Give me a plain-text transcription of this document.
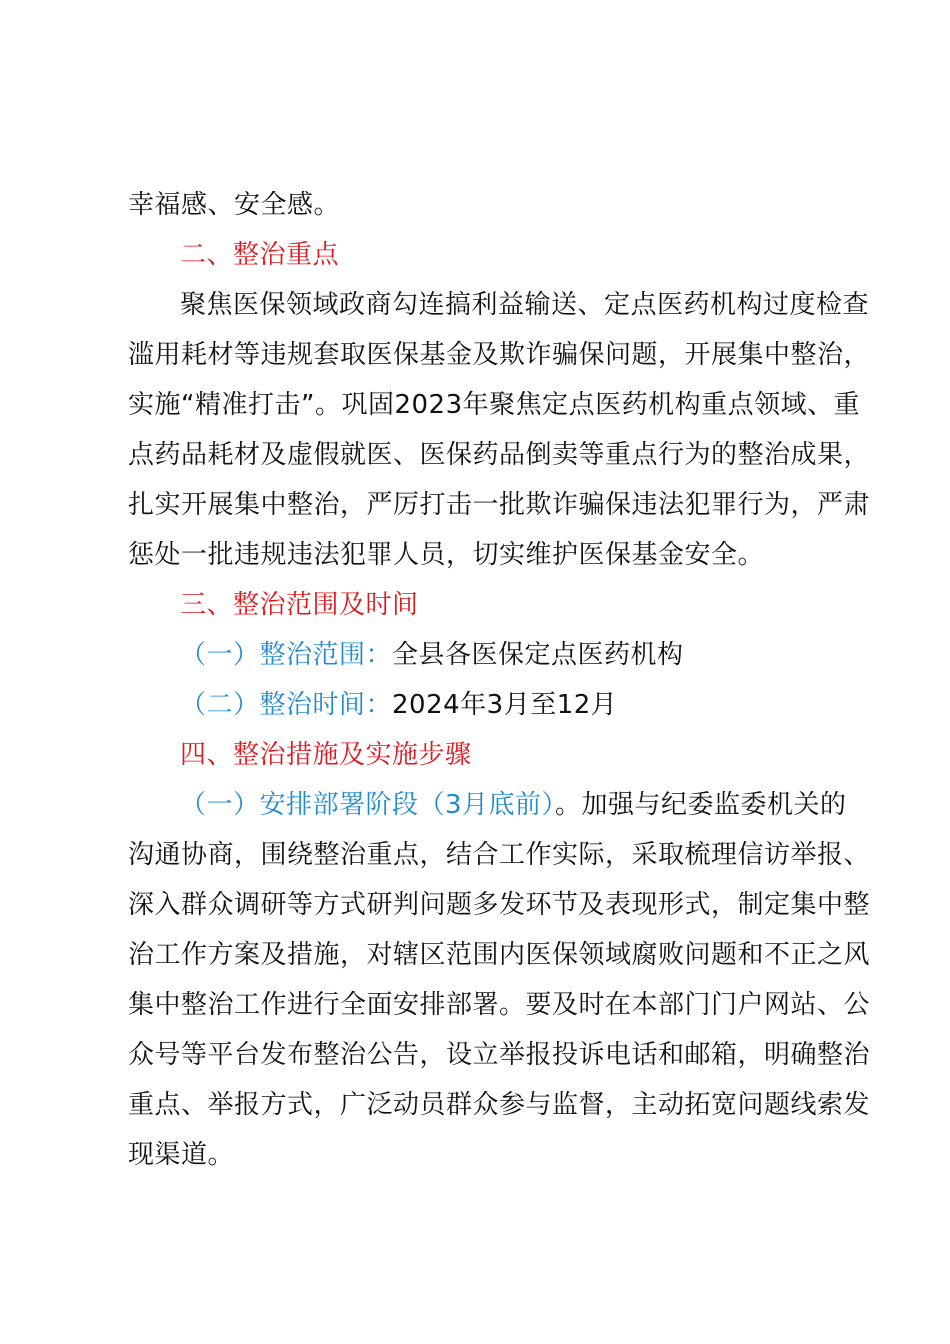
幸福感、安全感。
二、整治重点
聚焦医保领域政商勾连搞利益输送、定点医药机构过度检查
滥用耗材等违规套取医保基金及欺诈骗保问题，开展集中整治，
实施“精准打击”。巩固2023年聚焦定点医药机构重点领域、重
点药品耗材及虚假就医、医保药品倒卖等重点行为的整治成果，
扎实开展集中整治，严厉打击一批欺诈骗保违法犯罪行为，严肃
惩处一批违规违法犯罪人员，切实维护医保基金安全。
三、整治范围及时间
（一）整治范围：全县各医保定点医药机构
（二）整治时间：2024年3月至12月
四、整治措施及实施步骤
（一）安排部署阶段（3月底前）。加强与纪委监委机关的
沟通协商，围绕整治重点，结合工作实际，采取梳理信访举报、
深入群众调研等方式研判问题多发环节及表现形式，制定集中整
治工作方案及措施，对辖区范围内医保领域腐败问题和不正之风
集中整治工作进行全面安排部署。要及时在本部门门户网站、公
众号等平台发布整治公告，设立举报投诉电话和邮箱，明确整治
重点、举报方式，广泛动员群众参与监督，主动拓宽问题线索发
现渠道。
